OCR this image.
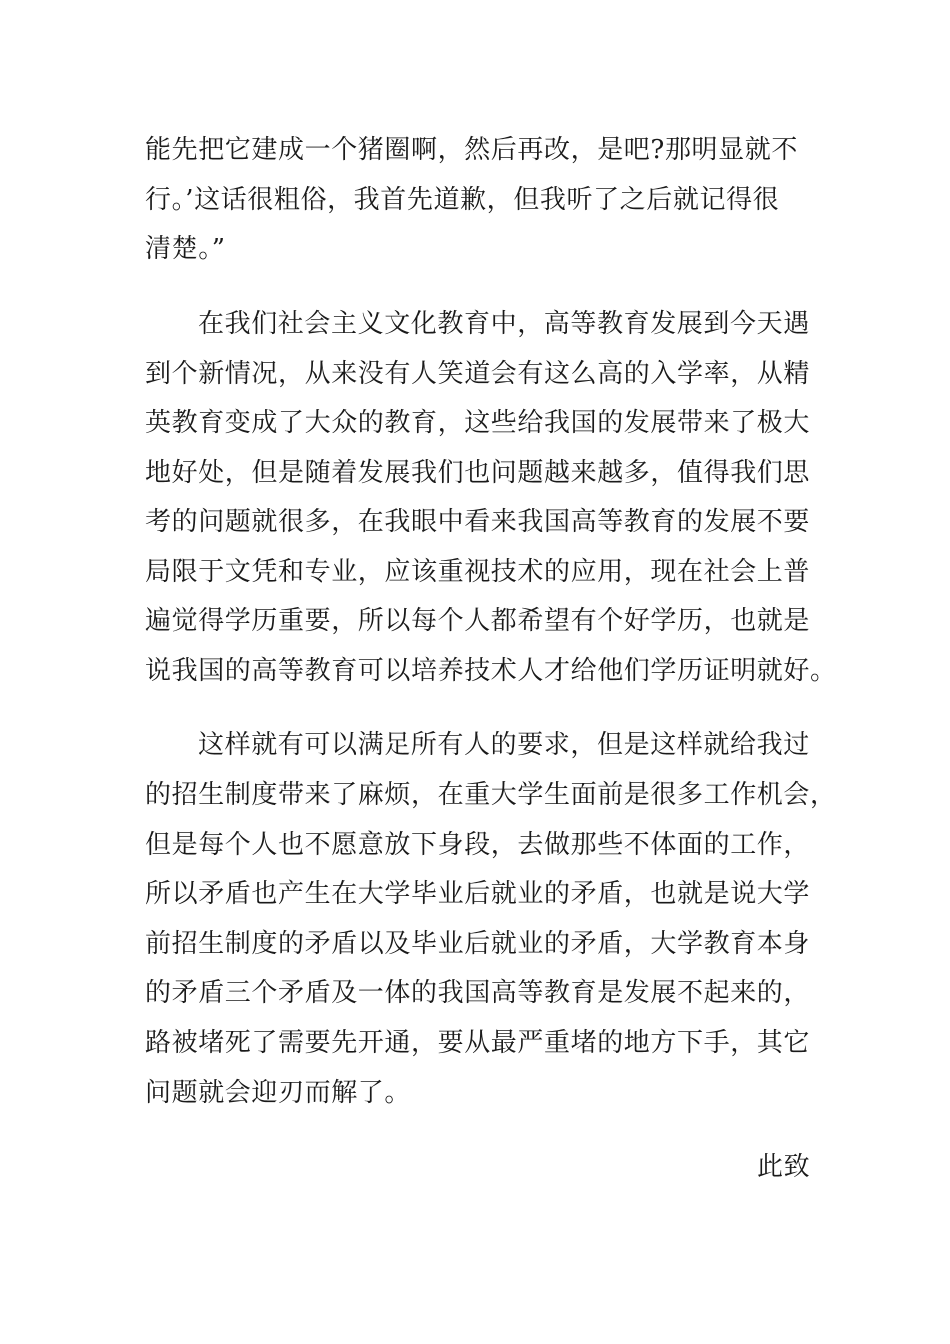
能先把它建成一个猪圈啊，然后再改，是吧?那明显就不
行。’这话很粗俗，我首先道歉，但我听了之后就记得很
清楚。”
在我们社会主义文化教育中，高等教育发展到今天遇
到个新情况，从来没有人笑道会有这么高的入学率，从精
英教育变成了大众的教育，这些给我国的发展带来了极大
地好处，但是随着发展我们也问题越来越多，值得我们思
考的问题就很多，在我眼中看来我国高等教育的发展不要
局限于文凭和专业，应该重视技术的应用，现在社会上普
遍觉得学历重要，所以每个人都希望有个好学历，也就是
说我国的高等教育可以培养技术人才给他们学历证明就好。
这样就有可以满足所有人的要求，但是这样就给我过
的招生制度带来了麻烦，在重大学生面前是很多工作机会，
但是每个人也不愿意放下身段，去做那些不体面的工作，
所以矛盾也产生在大学毕业后就业的矛盾，也就是说大学
前招生制度的矛盾以及毕业后就业的矛盾，大学教育本身
的矛盾三个矛盾及一体的我国高等教育是发展不起来的，
路被堵死了需要先开通，要从最严重堵的地方下手，其它
问题就会迎刃而解了。
此致
